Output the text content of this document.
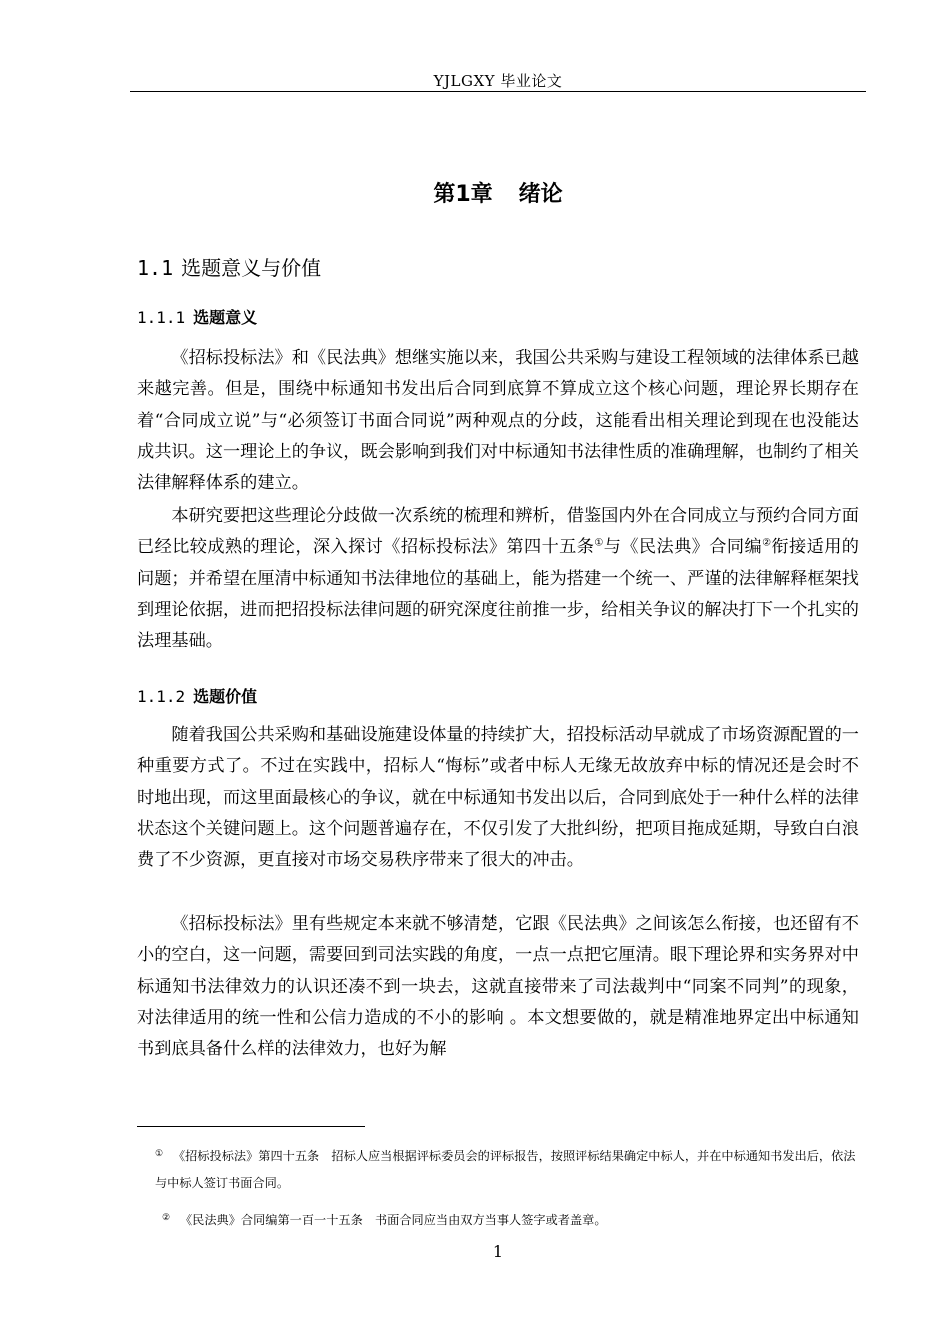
YJLGXY 毕业论文
第1章 绪论
1.1 选题意义与价值
1.1.1 选题意义

《招标投标法》和《民法典》想继实施以来，我国公共采购与建设工程领域的法律体系已越来越完善。但是，围绕中标通知书发出后合同到底算不算成立这个核心问题，理论界长期存在着“合同成立说”与“必须签订书面合同说”两种观点的分歧，这能看出相关理论到现在也没能达成共识。这一理论上的争议，既会影响到我们对中标通知书法律性质的准确理解，也制约了相关法律解释体系的建立。

本研究要把这些理论分歧做一次系统的梳理和辨析，借鉴国内外在合同成立与预约合同方面已经比较成熟的理论，深入探讨《招标投标法》第四十五条①与《民法典》合同编②衔接适用的问题；并希望在厘清中标通知书法律地位的基础上，能为搭建一个统一、严谨的法律解释框架找到理论依据，进而把招投标法律问题的研究深度往前推一步，给相关争议的解决打下一个扎实的法理基础。

1.1.2 选题价值

随着我国公共采购和基础设施建设体量的持续扩大，招投标活动早就成了市场资源配置的一种重要方式了。不过在实践中，招标人“悔标”或者中标人无缘无故放弃中标的情况还是会时不时地出现，而这里面最核心的争议，就在中标通知书发出以后，合同到底处于一种什么样的法律状态这个关键问题上。这个问题普遍存在，不仅引发了大批纠纷，把项目拖成延期，导致白白浪费了不少资源，更直接对市场交易秩序带来了很大的冲击。

《招标投标法》里有些规定本来就不够清楚，它跟《民法典》之间该怎么衔接，也还留有不小的空白，这一问题，需要回到司法实践的角度，一点一点把它厘清。眼下理论界和实务界对中标通知书法律效力的认识还凑不到一块去，这就直接带来了司法裁判中“同案不同判”的现象，对法律适用的统一性和公信力造成的不小的影响 。本文想要做的，就是精准地界定出中标通知书到底具备什么样的法律效力，也好为解

① 《招标投标法》第四十五条　招标人应当根据评标委员会的评标报告，按照评标结果确定中标人，并在中标通知书发出后，依法与中标人签订书面合同。
② 《民法典》合同编第一百一十五条　书面合同应当由双方当事人签字或者盖章。
1
